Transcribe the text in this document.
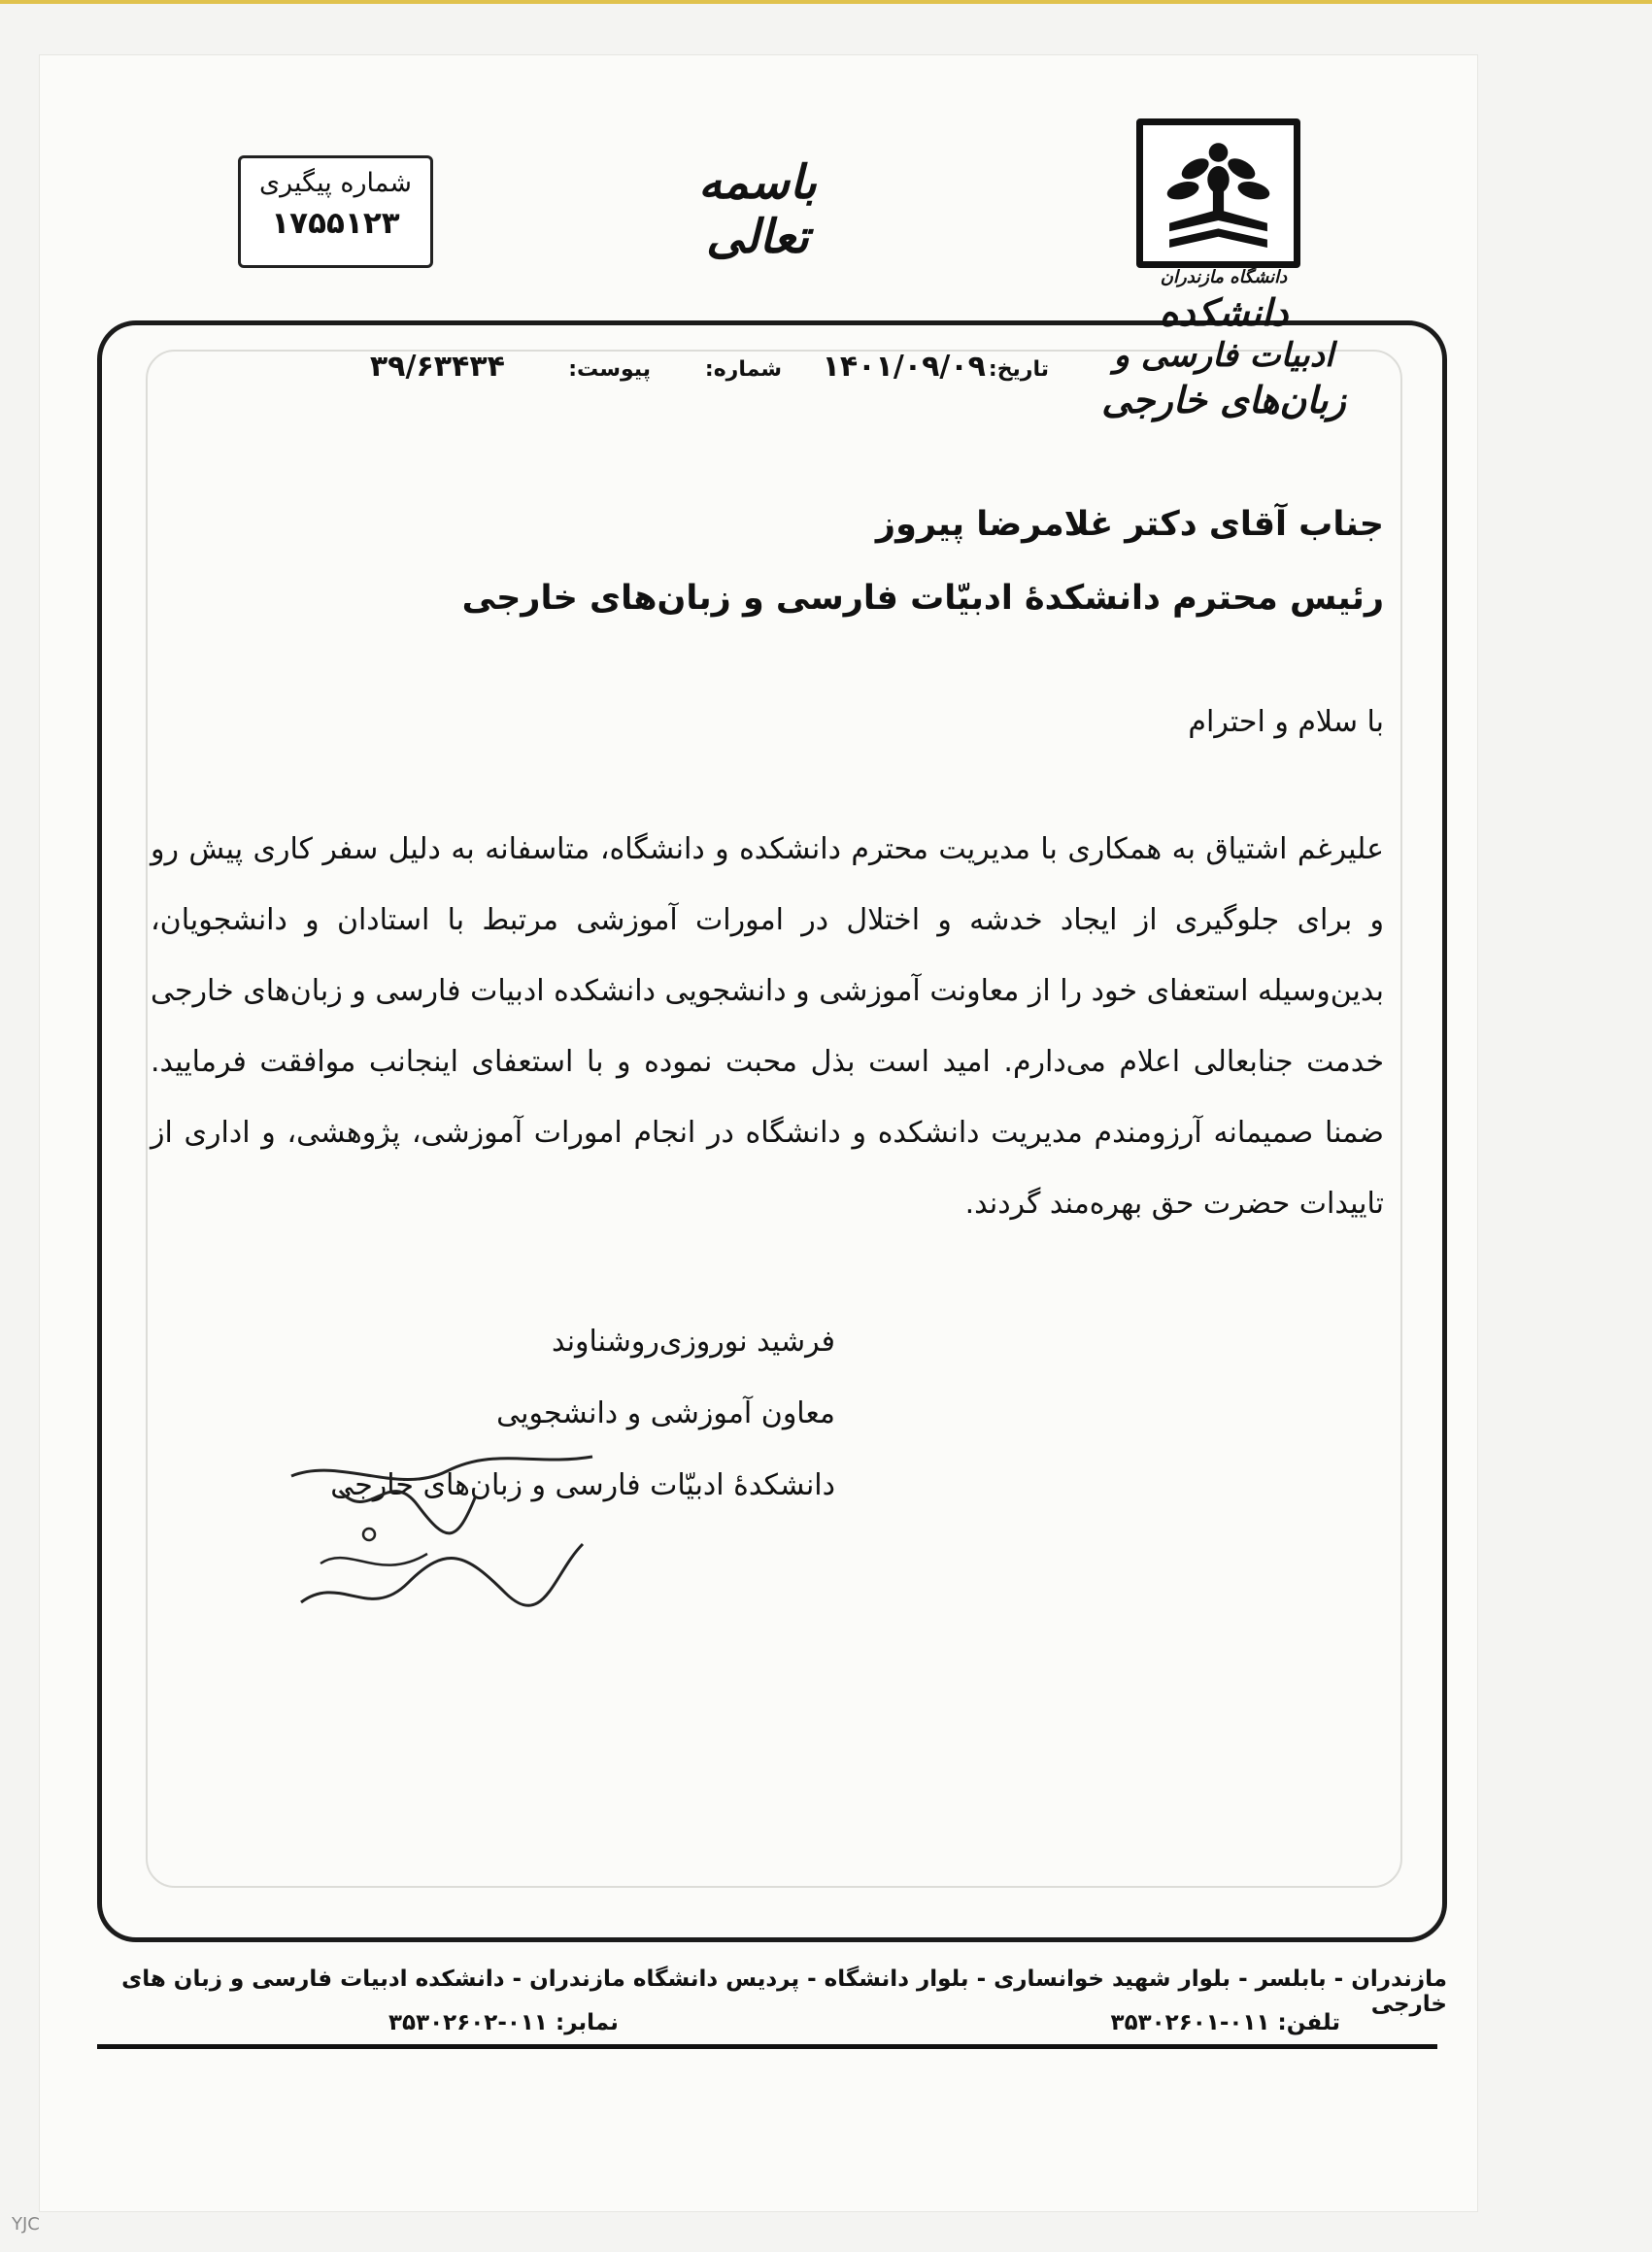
شماره پیگیری
۱۷۵۵۱۲۳
باسمه تعالی
دانشگاه مازندران
دانشکده
ادبیات فارسی و
زبان‌های خارجی
تاریخ:
۱۴۰۱/۰۹/۰۹
شماره:
پیوست:
۳۹/۶۳۴۳۴
جناب آقای دکتر غلامرضا پیروز
رئیس محترم دانشکدهٔ ادبیّات فارسی و زبان‌های خارجی
با سلام و احترام
علیرغم اشتیاق به همکاری با مدیریت محترم دانشکده و دانشگاه، متاسفانه به دلیل سفر کاری پیش رو و برای جلوگیری از ایجاد خدشه و اختلال در امورات آموزشی مرتبط با استادان و دانشجویان، بدین‌وسیله استعفای خود را از معاونت آموزشی و دانشجویی دانشکده ادبیات فارسی و زبان‌های خارجی خدمت جنابعالی اعلام می‌دارم. امید است بذل محبت نموده و با استعفای اینجانب موافقت فرمایید. ضمنا صمیمانه آرزومندم مدیریت دانشکده و دانشگاه در انجام امورات آموزشی، پژوهشی، و اداری از تاییدات حضرت حق بهره‌مند گردند.
فرشید نوروزی‌روشناوند
معاون آموزشی و دانشجویی
دانشکدهٔ ادبیّات فارسی و زبان‌های خارجی
مازندران - بابلسر - بلوار شهید خوانساری - بلوار دانشگاه - پردیس دانشگاه مازندران - دانشکده ادبیات فارسی و زبان های خارجی
تلفن: ۰۱۱-۳۵۳۰۲۶۰۱
نمابر: ۰۱۱-۳۵۳۰۲۶۰۲
YJC
